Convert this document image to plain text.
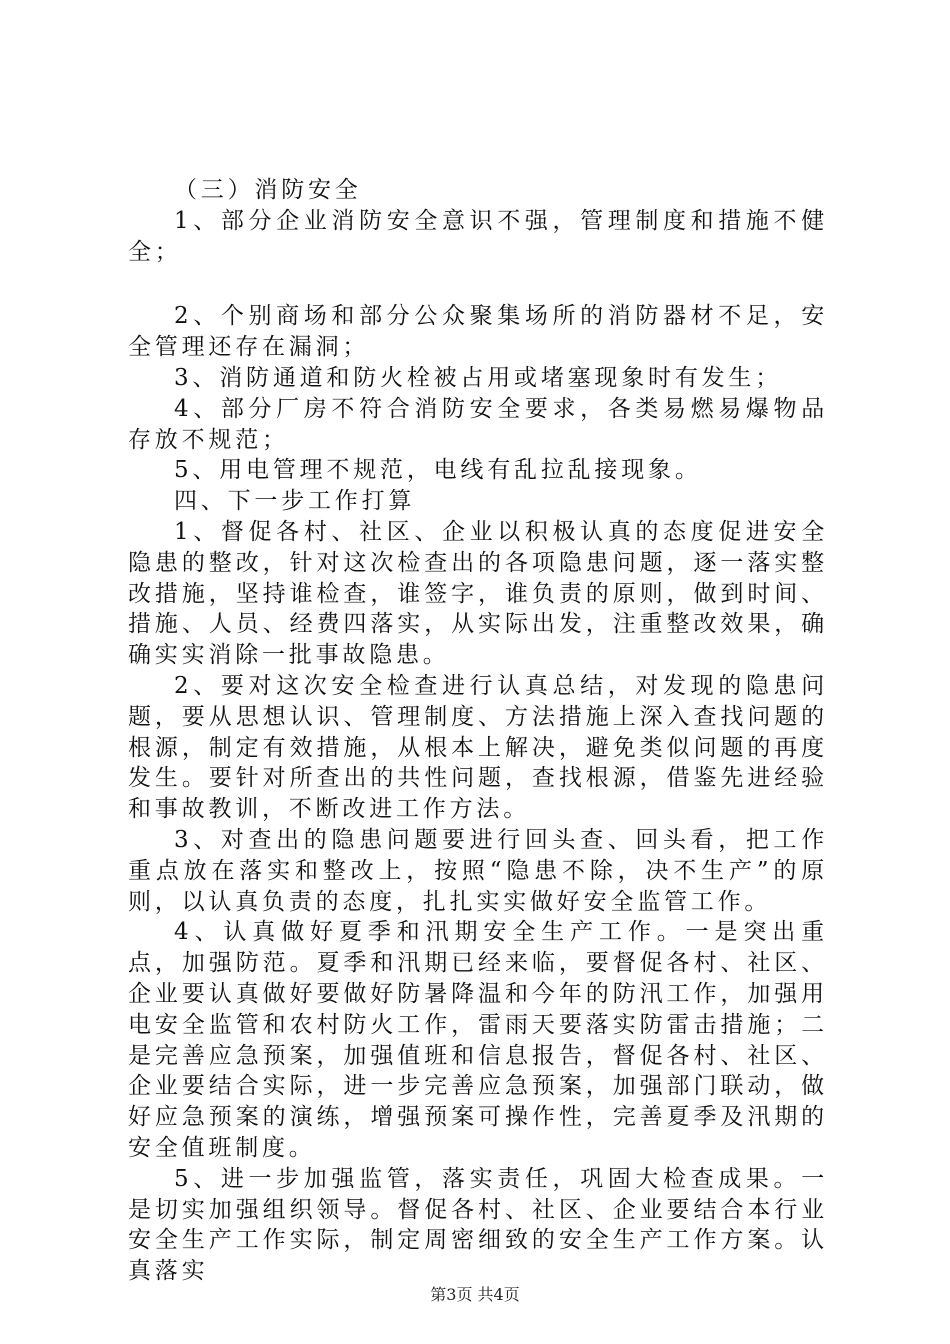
（三）消防安全

1、部分企业消防安全意识不强，管理制度和措施不健全；

2、个别商场和部分公众聚集场所的消防器材不足，安全管理还存在漏洞；

3、消防通道和防火栓被占用或堵塞现象时有发生；

4、部分厂房不符合消防安全要求，各类易燃易爆物品存放不规范；

5、用电管理不规范，电线有乱拉乱接现象。

四、下一步工作打算

1、督促各村、社区、企业以积极认真的态度促进安全隐患的整改，针对这次检查出的各项隐患问题，逐一落实整改措施，坚持谁检查，谁签字，谁负责的原则，做到时间、措施、人员、经费四落实，从实际出发，注重整改效果，确确实实消除一批事故隐患。

2、要对这次安全检查进行认真总结，对发现的隐患问题，要从思想认识、管理制度、方法措施上深入查找问题的根源，制定有效措施，从根本上解决，避免类似问题的再度发生。要针对所查出的共性问题，查找根源，借鉴先进经验和事故教训，不断改进工作方法。

3、对查出的隐患问题要进行回头查、回头看，把工作重点放在落实和整改上，按照“隐患不除，决不生产”的原则，以认真负责的态度，扎扎实实做好安全监管工作。

4、认真做好夏季和汛期安全生产工作。一是突出重点，加强防范。夏季和汛期已经来临，要督促各村、社区、企业要认真做好要做好防暑降温和今年的防汛工作，加强用电安全监管和农村防火工作，雷雨天要落实防雷击措施；二是完善应急预案，加强值班和信息报告，督促各村、社区、企业要结合实际，进一步完善应急预案，加强部门联动，做好应急预案的演练，增强预案可操作性，完善夏季及汛期的安全值班制度。

5、进一步加强监管，落实责任，巩固大检查成果。一是切实加强组织领导。督促各村、社区、企业要结合本行业安全生产工作实际，制定周密细致的安全生产工作方案。认真落实

第3页 共4页
